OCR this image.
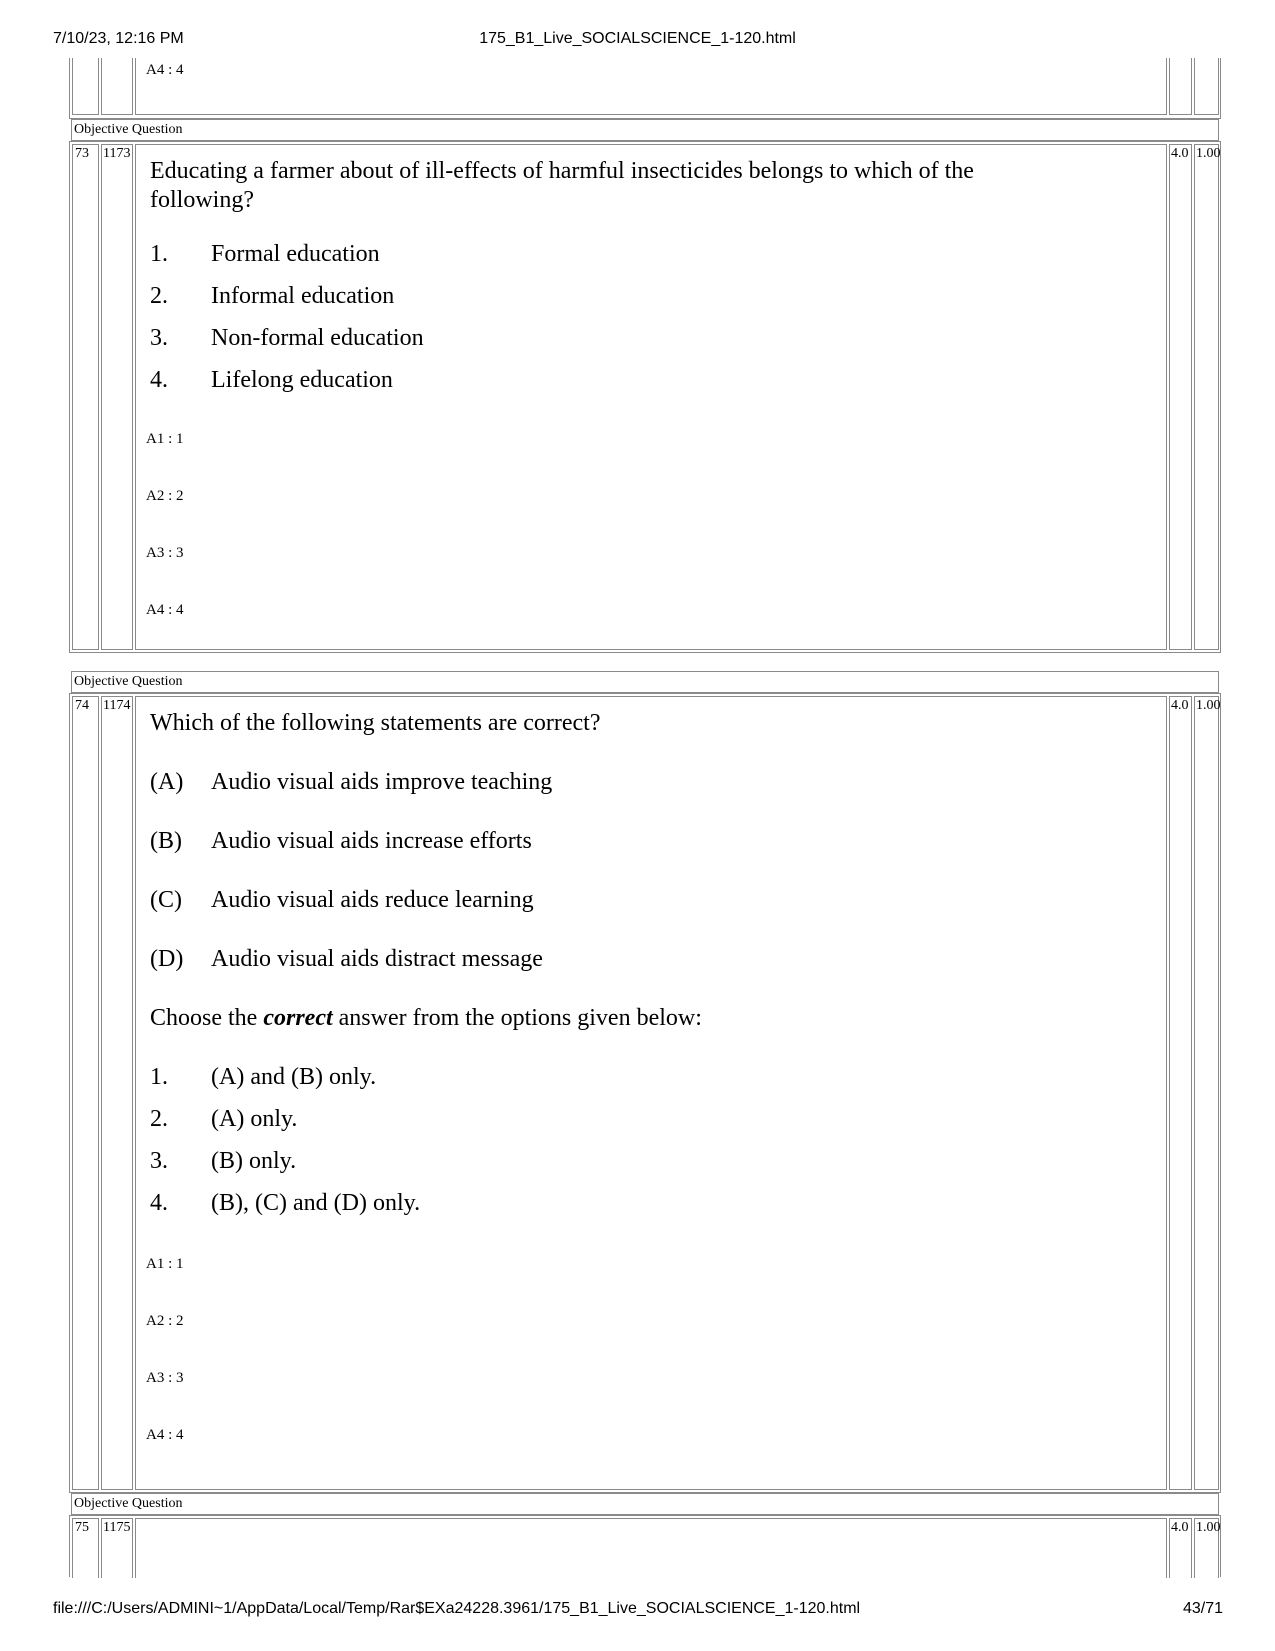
7/10/23, 12:16 PM	175_B1_Live_SOCIALSCIENCE_1-120.html
A4 : 4
Objective Question
73 1173
Educating a farmer about of ill-effects of harmful insecticides belongs to which of the
following?
1. Formal education
2. Informal education
3. Non-formal education
4. Lifelong education
A1 : 1
A2 : 2
A3 : 3
A4 : 4
4.0 1.00
Objective Question
74 1174
Which of the following statements are correct?
(A) Audio visual aids improve teaching
(B) Audio visual aids increase efforts
(C) Audio visual aids reduce learning
(D) Audio visual aids distract message
Choose the correct answer from the options given below:
1. (A) and (B) only.
2. (A) only.
3. (B) only.
4. (B), (C) and (D) only.
A1 : 1
A2 : 2
A3 : 3
A4 : 4
4.0 1.00
Objective Question
75 1175	4.0 1.00
file:///C:/Users/ADMINI~1/AppData/Local/Temp/Rar$EXa24228.3961/175_B1_Live_SOCIALSCIENCE_1-120.html	43/71
